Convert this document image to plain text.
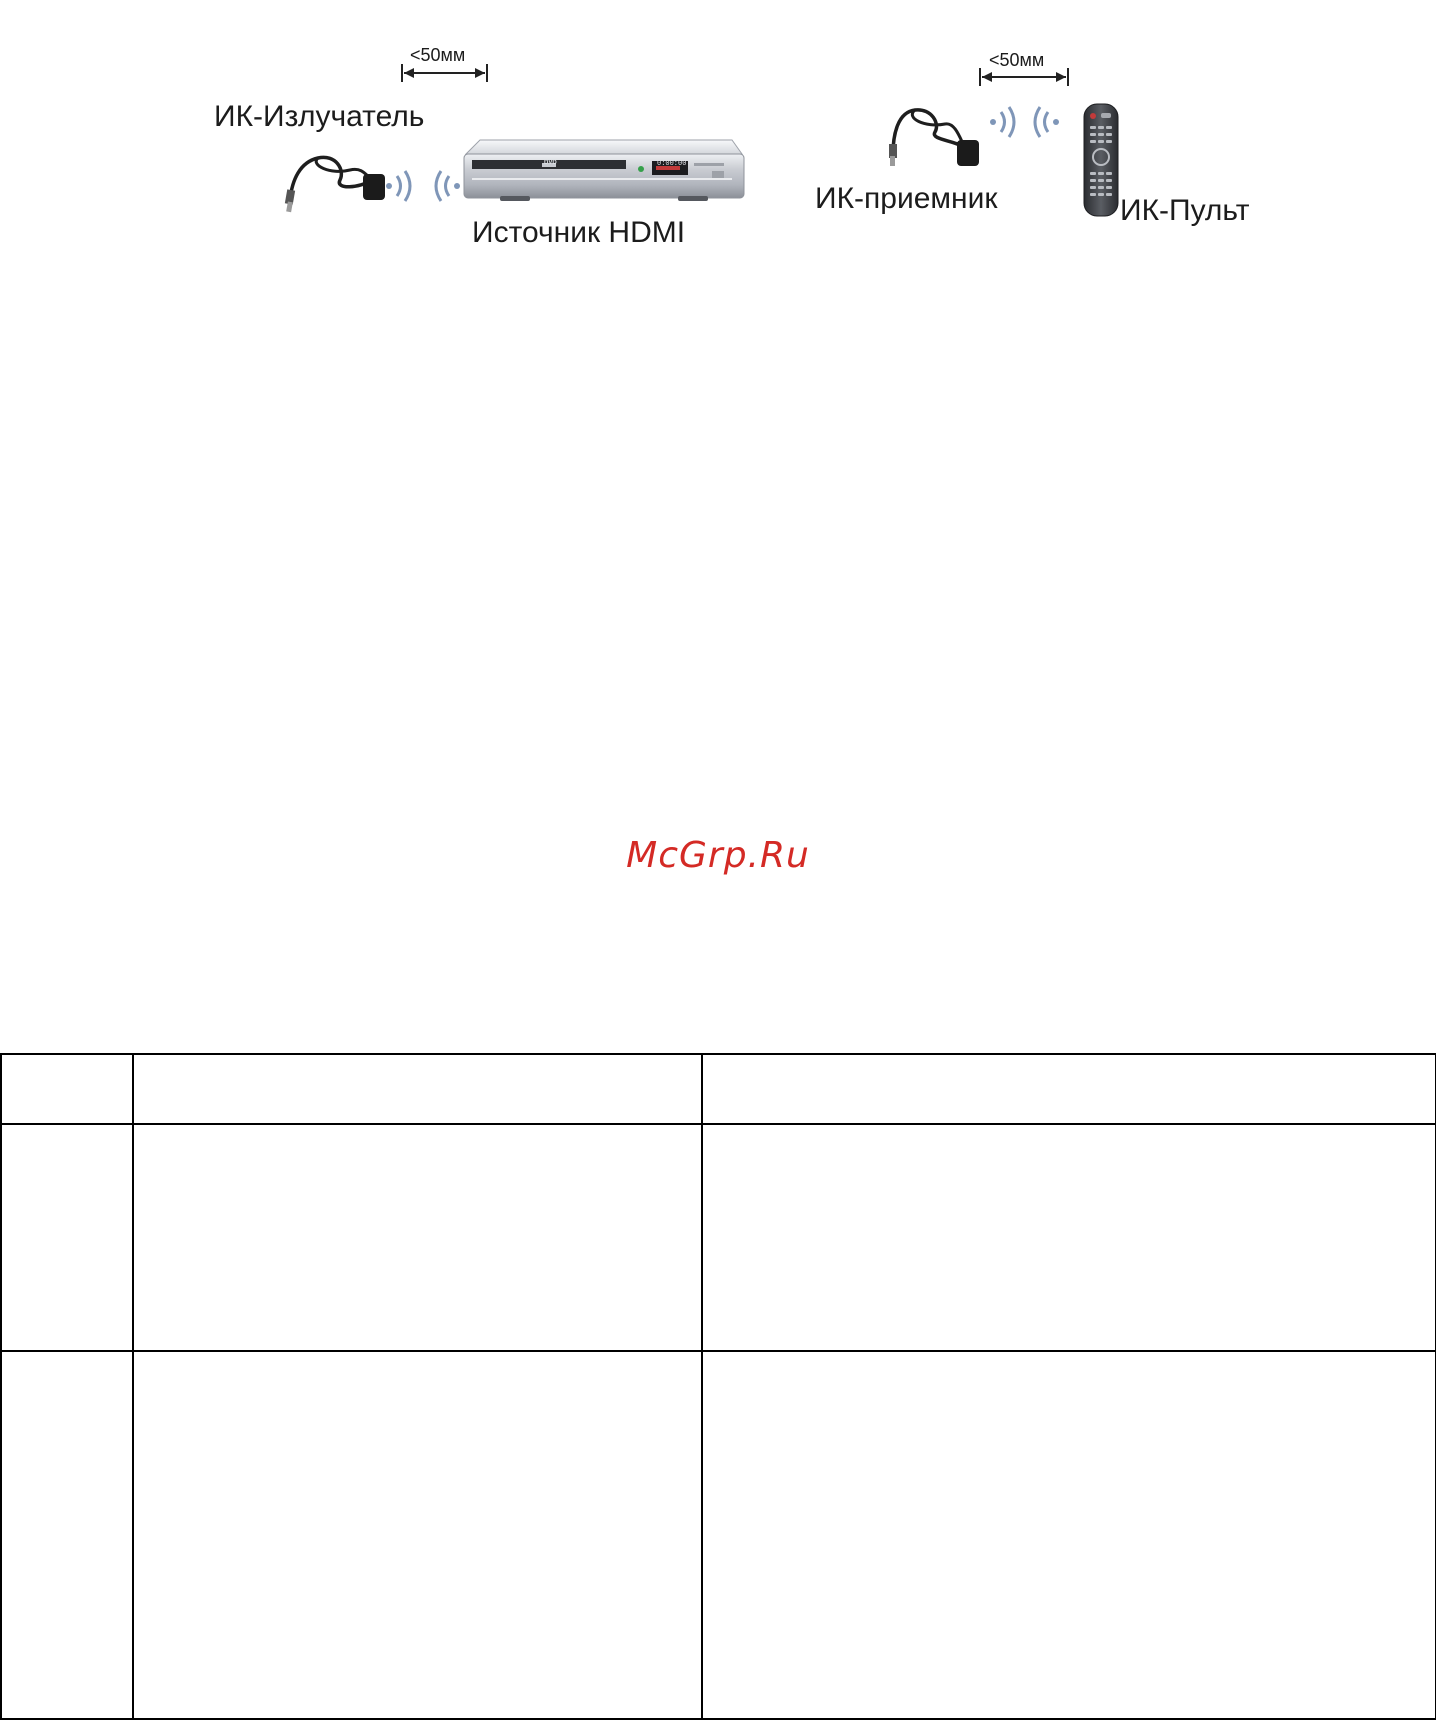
<50мм
ИК-Излучатель
Источник HDMI
DVD	0:00:00
<50мм
ИК-приемник	ИК-Пульт
McGrp.Ru
